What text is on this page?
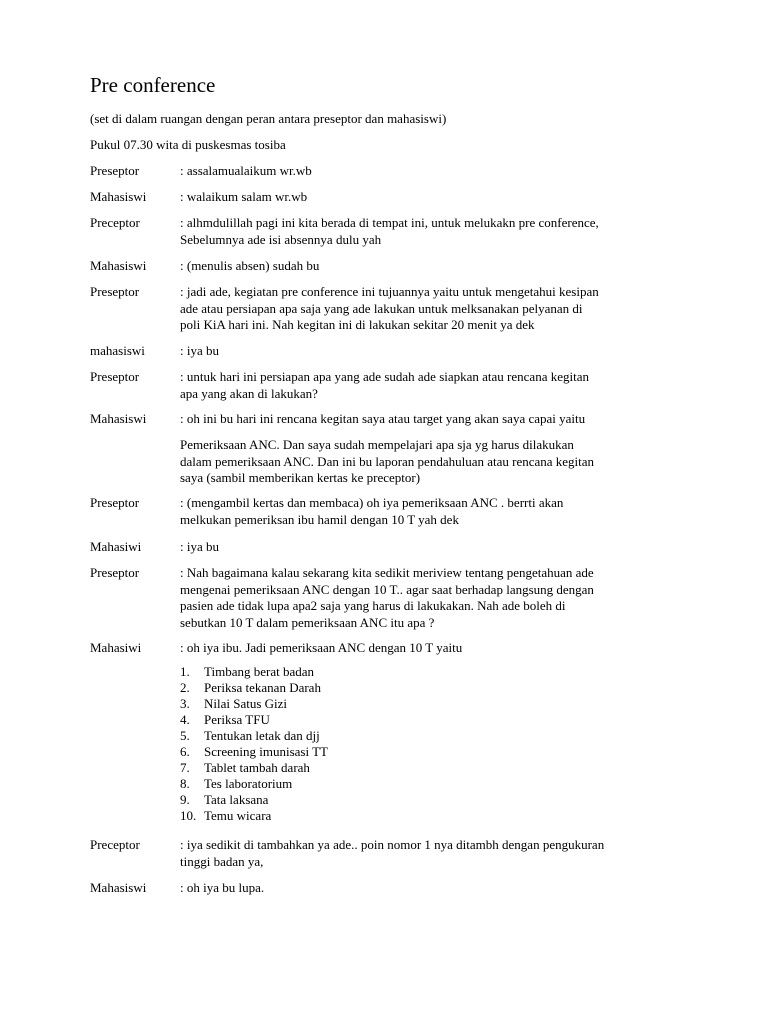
Pre conference
(set di dalam ruangan dengan peran antara preseptor dan mahasiswi)
Pukul 07.30 wita di puskesmas tosiba
Preseptor	: assalamualaikum wr.wb
Mahasiswi	: walaikum salam wr.wb
Preceptor	: alhmdulillah pagi ini kita berada di tempat ini, untuk melukakn pre conference,
Sebelumnya ade isi absennya dulu yah
Mahasiswi	: (menulis absen) sudah bu
Preseptor	: jadi ade, kegiatan pre conference ini tujuannya yaitu untuk mengetahui kesipan
ade atau persiapan apa saja yang ade lakukan untuk melksanakan pelyanan di
poli KiA hari ini. Nah kegitan ini di lakukan sekitar 20 menit ya dek
mahasiswi	: iya bu
Preseptor	: untuk hari ini persiapan apa yang ade sudah ade siapkan atau rencana kegitan
apa yang akan di lakukan?
Mahasiswi	: oh ini bu hari ini rencana kegitan saya atau target yang akan saya capai yaitu
Pemeriksaan ANC. Dan saya sudah mempelajari apa sja yg harus dilakukan
dalam pemeriksaan ANC. Dan ini bu laporan pendahuluan atau rencana kegitan
saya (sambil memberikan kertas ke preceptor)
Preseptor	: (mengambil kertas dan membaca) oh iya pemeriksaan ANC . berrti akan
melkukan pemeriksan ibu hamil dengan 10 T yah dek
Mahasiwi	: iya bu
Preseptor	: Nah bagaimana kalau sekarang kita sedikit meriview tentang pengetahuan ade
mengenai pemeriksaan ANC dengan 10 T.. agar saat berhadap langsung dengan
pasien ade tidak lupa apa2 saja yang harus di lakukakan. Nah ade boleh di
sebutkan 10 T dalam pemeriksaan ANC itu apa ?
Mahasiwi	: oh iya ibu. Jadi pemeriksaan ANC dengan 10 T yaitu
Preceptor	: iya sedikit di tambahkan ya ade.. poin nomor 1 nya ditambh dengan pengukuran
tinggi badan ya,
Mahasiswi	: oh iya bu lupa.
1. Timbang berat badan
2. Periksa tekanan Darah
3. Nilai Satus Gizi
4. Periksa TFU
5. Tentukan letak dan djj
6. Screening imunisasi TT
7. Tablet tambah darah
8. Tes laboratorium
9. Tata laksana
10. Temu wicara
